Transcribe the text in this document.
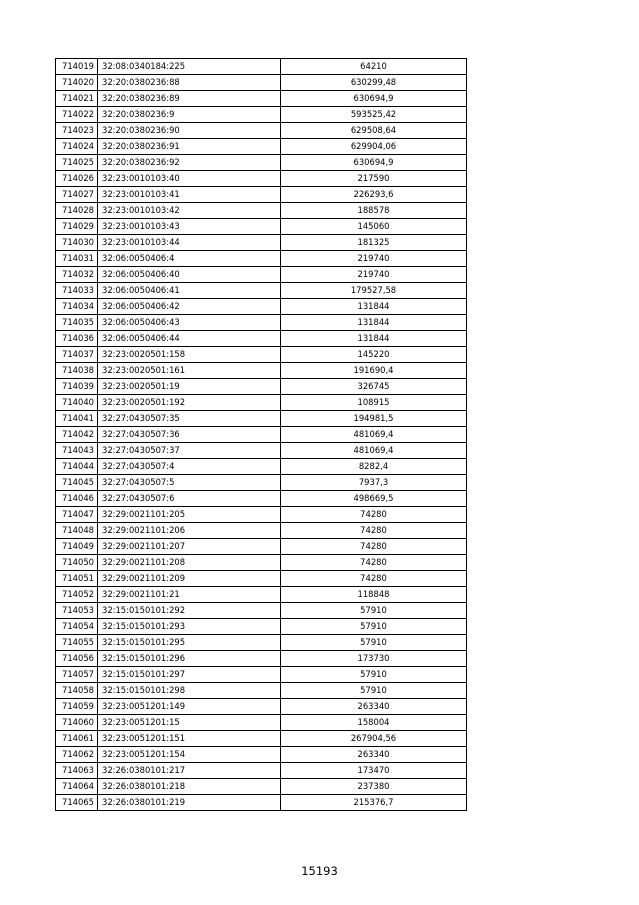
714019	32:08:0340184:225	64210
714020	32:20:0380236:88	630299,48
714021	32:20:0380236:89	630694,9
714022	32:20:0380236:9	593525,42
714023	32:20:0380236:90	629508,64
714024	32:20:0380236:91	629904,06
714025	32:20:0380236:92	630694,9
714026	32:23:0010103:40	217590
714027	32:23:0010103:41	226293,6
714028	32:23:0010103:42	188578
714029	32:23:0010103:43	145060
714030	32:23:0010103:44	181325
714031	32:06:0050406:4	219740
714032	32:06:0050406:40	219740
714033	32:06:0050406:41	179527,58
714034	32:06:0050406:42	131844
714035	32:06:0050406:43	131844
714036	32:06:0050406:44	131844
714037	32:23:0020501:158	145220
714038	32:23:0020501:161	191690,4
714039	32:23:0020501:19	326745
714040	32:23:0020501:192	108915
714041	32:27:0430507:35	194981,5
714042	32:27:0430507:36	481069,4
714043	32:27:0430507:37	481069,4
714044	32:27:0430507:4	8282,4
714045	32:27:0430507:5	7937,3
714046	32:27:0430507:6	498669,5
714047	32:29:0021101:205	74280
714048	32:29:0021101:206	74280
714049	32:29:0021101:207	74280
714050	32:29:0021101:208	74280
714051	32:29:0021101:209	74280
714052	32:29:0021101:21	118848
714053	32:15:0150101:292	57910
714054	32:15:0150101:293	57910
714055	32:15:0150101:295	57910
714056	32:15:0150101:296	173730
714057	32:15:0150101:297	57910
714058	32:15:0150101:298	57910
714059	32:23:0051201:149	263340
714060	32:23:0051201:15	158004
714061	32:23:0051201:151	267904,56
714062	32:23:0051201:154	263340
714063	32:26:0380101:217	173470
714064	32:26:0380101:218	237380
714065	32:26:0380101:219	215376,7
15193
